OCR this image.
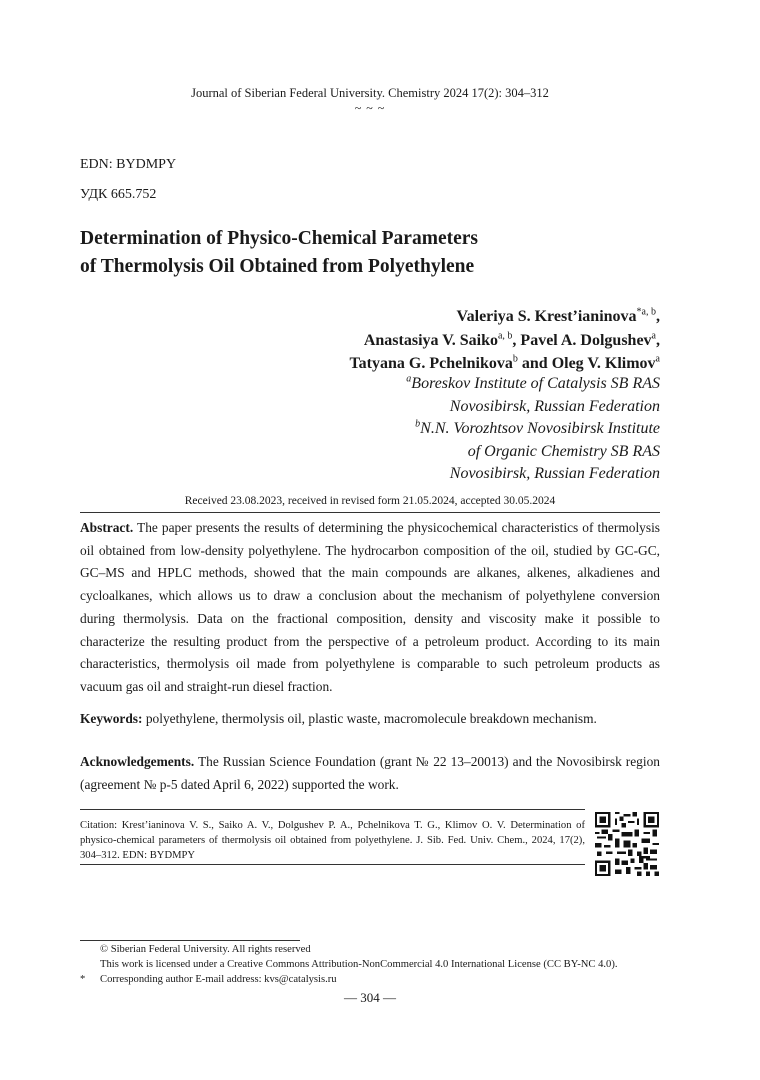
Journal of Siberian Federal University. Chemistry 2024 17(2): 304–312
~ ~ ~
EDN: BYDMPY
УДК 665.752
Determination of Physico-Chemical Parameters
of Thermolysis Oil Obtained from Polyethylene
Valeriya S. Krest’ianinova$^{*a, b}$,
Anastasiya V. Saiko$^{a, b}$, Pavel A. Dolgushev$^a$,
Tatyana G. Pchelnikova$^b$ and Oleg V. Klimov$^a$
$^a$Boreskov Institute of Catalysis SB RAS
Novosibirsk, Russian Federation
$^b$N.N. Vorozhtsov Novosibirsk Institute
of Organic Chemistry SB RAS
Novosibirsk, Russian Federation
Received 23.08.2023, received in revised form 21.05.2024, accepted 30.05.2024
Abstract. The paper presents the results of determining the physicochemical characteristics of thermolysis oil obtained from low-density polyethylene. The hydrocarbon composition of the oil, studied by GC-GC, GC–MS and HPLC methods, showed that the main compounds are alkanes, alkenes, alkadienes and cycloalkanes, which allows us to draw a conclusion about the mechanism of polyethylene conversion during thermolysis. Data on the fractional composition, density and viscosity make it possible to characterize the resulting product from the perspective of a petroleum product. According to its main characteristics, thermolysis oil made from polyethylene is comparable to such petroleum products as vacuum gas oil and straight-run diesel fraction.
Keywords: polyethylene, thermolysis oil, plastic waste, macromolecule breakdown mechanism.
Acknowledgements. The Russian Science Foundation (grant № 22 13–20013) and the Novosibirsk region (agreement № р-5 dated April 6, 2022) supported the work.
Citation: Krest’ianinova V. S., Saiko A. V., Dolgushev P. A., Pchelnikova T. G., Klimov O. V. Determination of physico-chemical parameters of thermolysis oil obtained from polyethylene. J. Sib. Fed. Univ. Chem., 2024, 17(2), 304–312. EDN: BYDMPY
© Siberian Federal University. All rights reserved
This work is licensed under a Creative Commons Attribution-NonCommercial 4.0 International License (CC BY-NC 4.0).
*	Corresponding author E-mail address: kvs@catalysis.ru
— 304 —
